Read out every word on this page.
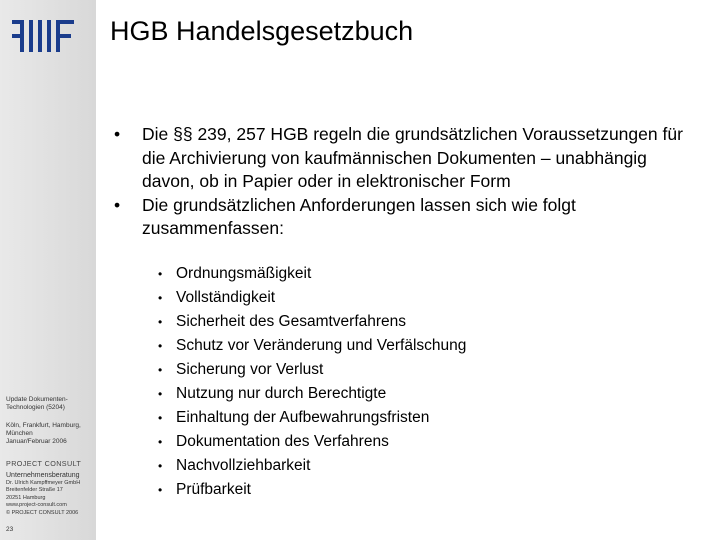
Update Dokumenten-
Technologien (5204)
Köln, Frankfurt, Hamburg,
München
Januar/Februar 2006
PROJECT CONSULT
Unternehmensberatung
Dr. Ulrich Kampffmeyer GmbH
Breitenfelder Straße 17
20251 Hamburg
www.project-consult.com
© PROJECT CONSULT 2006
23
HGB Handelsgesetzbuch
• Die §§ 239, 257 HGB regeln die grundsätzlichen Voraussetzungen für die Archivierung von kaufmännischen Dokumenten – unabhängig davon, ob in Papier oder in elektronischer Form
• Die grundsätzlichen Anforderungen lassen sich wie folgt zusammenfassen:
• Ordnungsmäßigkeit
• Vollständigkeit
• Sicherheit des Gesamtverfahrens
• Schutz vor Veränderung und Verfälschung
• Sicherung vor Verlust
• Nutzung nur durch Berechtigte
• Einhaltung der Aufbewahrungsfristen
• Dokumentation des Verfahrens
• Nachvollziehbarkeit
• Prüfbarkeit
